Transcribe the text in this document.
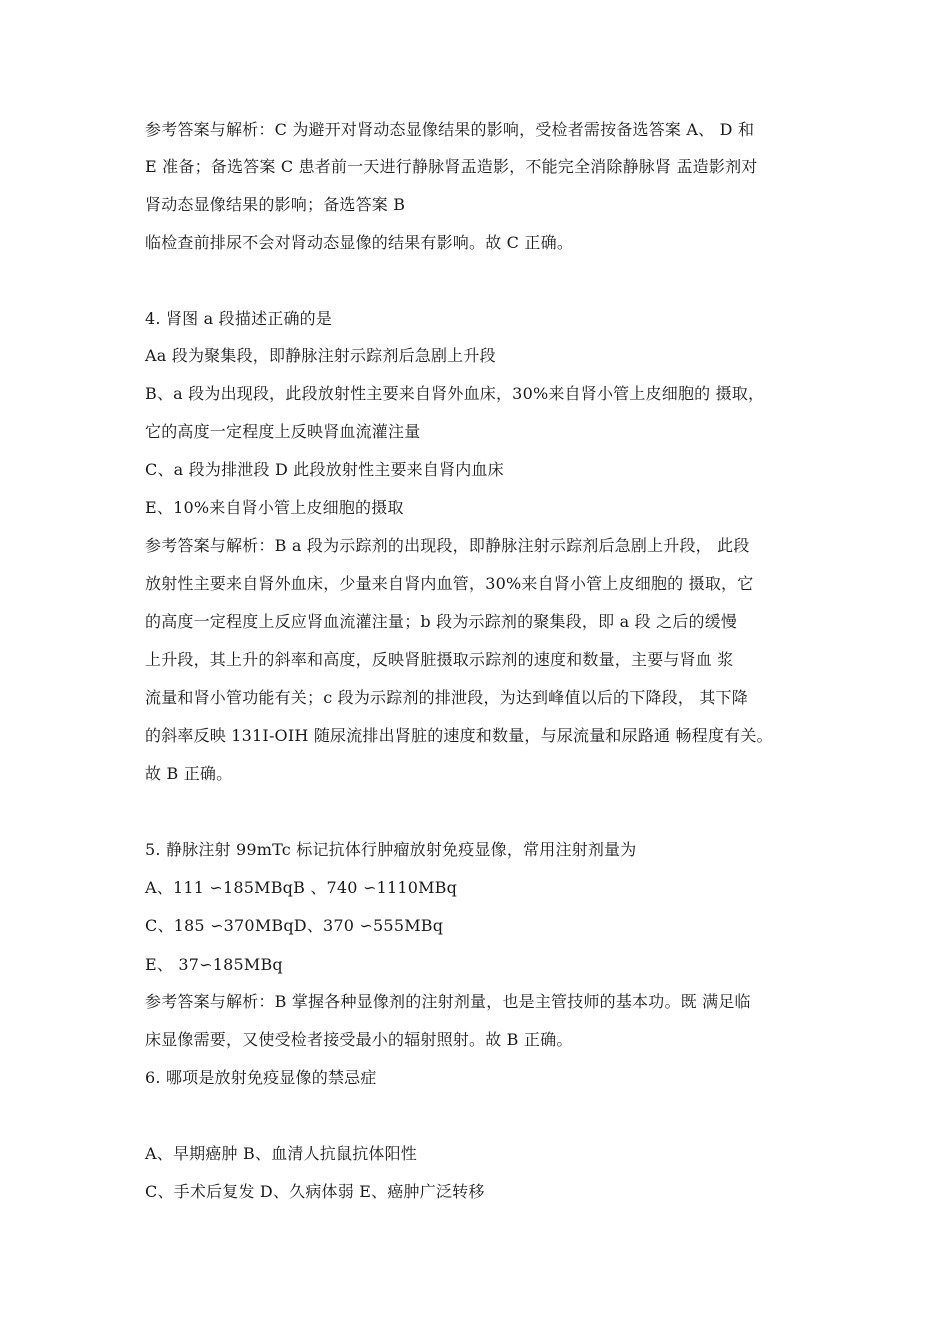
参考答案与解析：C 为避开对肾动态显像结果的影响，受检者需按备选答案 A、 D 和
E 准备；备选答案 C 患者前一天进行静脉肾盂造影，不能完全消除静脉肾 盂造影剂对
肾动态显像结果的影响；备选答案 B
临检查前排尿不会对肾动态显像的结果有影响。故 C 正确。
4. 肾图 a 段描述正确的是
Aa 段为聚集段，即静脉注射示踪剂后急剧上升段
B、a 段为出现段，此段放射性主要来自肾外血床，30%来自肾小管上皮细胞的 摄取，
它的高度一定程度上反映肾血流灌注量
C、a 段为排泄段 D 此段放射性主要来自肾内血床
E、10%来自肾小管上皮细胞的摄取
参考答案与解析：B a 段为示踪剂的出现段，即静脉注射示踪剂后急剧上升段， 此段
放射性主要来自肾外血床，少量来自肾内血管，30%来自肾小管上皮细胞的 摄取，它
的高度一定程度上反应肾血流灌注量；b 段为示踪剂的聚集段，即 a 段 之后的缓慢
上升段，其上升的斜率和高度，反映肾脏摄取示踪剂的速度和数量，主要与肾血 浆
流量和肾小管功能有关；c 段为示踪剂的排泄段，为达到峰值以后的下降段， 其下降
的斜率反映 131I-OIH 随尿流排出肾脏的速度和数量，与尿流量和尿路通 畅程度有关。
故 B 正确。
5. 静脉注射 99mTc 标记抗体行肿瘤放射免疫显像，常用注射剂量为
A、111 ∽185MBqB 、740 ∽1110MBq
C、185 ∽370MBqD、370 ∽555MBq
E、 37∽185MBq
参考答案与解析：B 掌握各种显像剂的注射剂量，也是主管技师的基本功。既 满足临
床显像需要，又使受检者接受最小的辐射照射。故 B 正确。
6. 哪项是放射免疫显像的禁忌症
A、早期癌肿 B、血清人抗鼠抗体阳性
C、手术后复发 D、久病体弱 E、癌肿广泛转移
